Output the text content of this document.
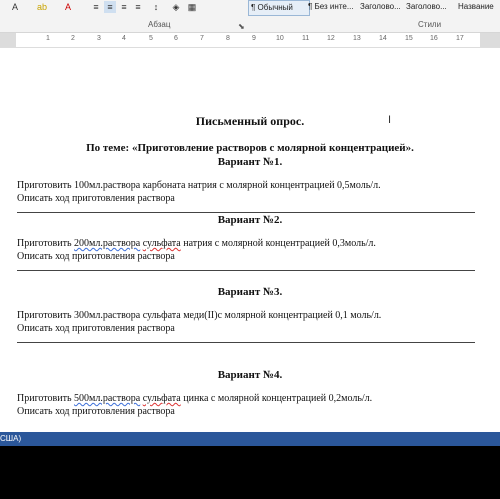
A	ab	A	≡ ≡ ≡ ≡	↕	◈ ▦
Абзац	⬊
¶ Обычный	¶ Без инте... Заголово... Заголово...	Название
Стили
1	2	3	4	5	6	7	8	9	10	11	12	13	14	15 16	17
Письменный опрос.
По теме: «Приготовление растворов с молярной концентрацией».
Вариант №1.
Приготовить 100мл.раствора карбоната натрия с молярной концентрацией 0,5моль/л.
Описать ход приготовления раствора
Вариант №2.
Приготовить 200мл.раствора сульфата натрия с молярной концентрацией 0,3моль/л.
Описать ход приготовления раствора
Вариант №3.
Приготовить 300мл.раствора сульфата меди(II)с молярной концентрацией 0,1 моль/л.
Описать ход приготовления раствора
Вариант №4.
Приготовить 500мл.раствора сульфата цинка с молярной концентрацией 0,2моль/л.
Описать ход приготовления раствора
I
США)
